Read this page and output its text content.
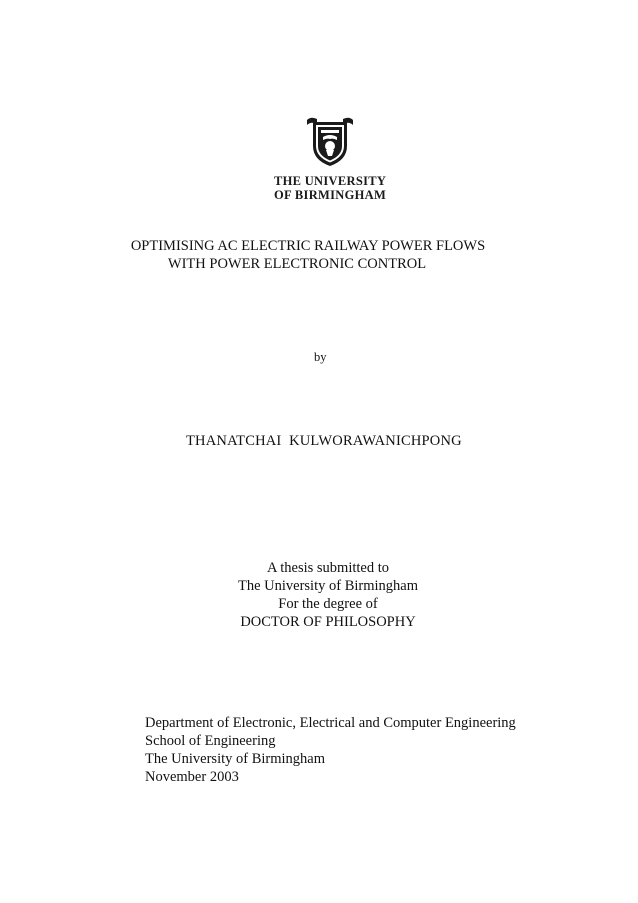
THE UNIVERSITY
OF BIRMINGHAM
OPTIMISING AC ELECTRIC RAILWAY POWER FLOWS
WITH POWER ELECTRONIC CONTROL
by
THANATCHAI  KULWORAWANICHPONG
A thesis submitted to
The University of Birmingham
For the degree of
DOCTOR OF PHILOSOPHY
Department of Electronic, Electrical and Computer Engineering
School of Engineering
The University of Birmingham
November 2003
